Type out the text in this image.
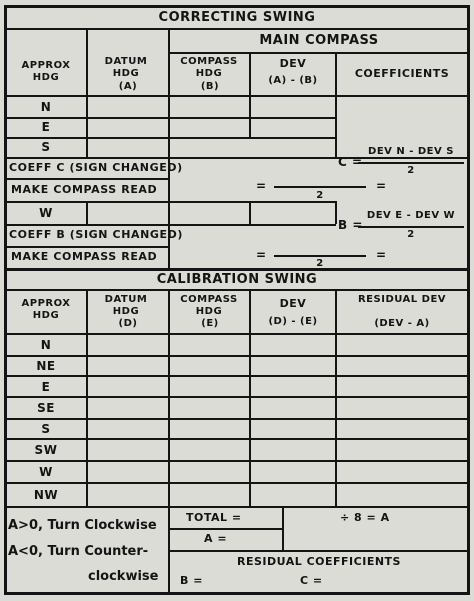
CORRECTING SWING
MAIN COMPASS
APPROX HDG
DATUM HDG
(A)
COMPASS HDG
(B)
DEV
(A) - (B)
COEFFICIENTS
N
E
S
COEFF C (SIGN CHANGED)
MAKE COMPASS READ
W
COEFF B (SIGN CHANGED)
MAKE COMPASS READ
C =
DEV N - DEV S
2
=
2
=
B =
DEV E - DEV W
2
=
2
=
CALIBRATION SWING
APPROX HDG
DATUM HDG
(D)
COMPASS HDG
(E)
DEV
(D) - (E)
RESIDUAL DEV
(DEV - A)
N
NE
E
SE
S
SW
W
NW
A>0, Turn Clockwise
A<0, Turn Counter-
clockwise
TOTAL =
A =
÷ 8 = A
RESIDUAL COEFFICIENTS
B =	C =
